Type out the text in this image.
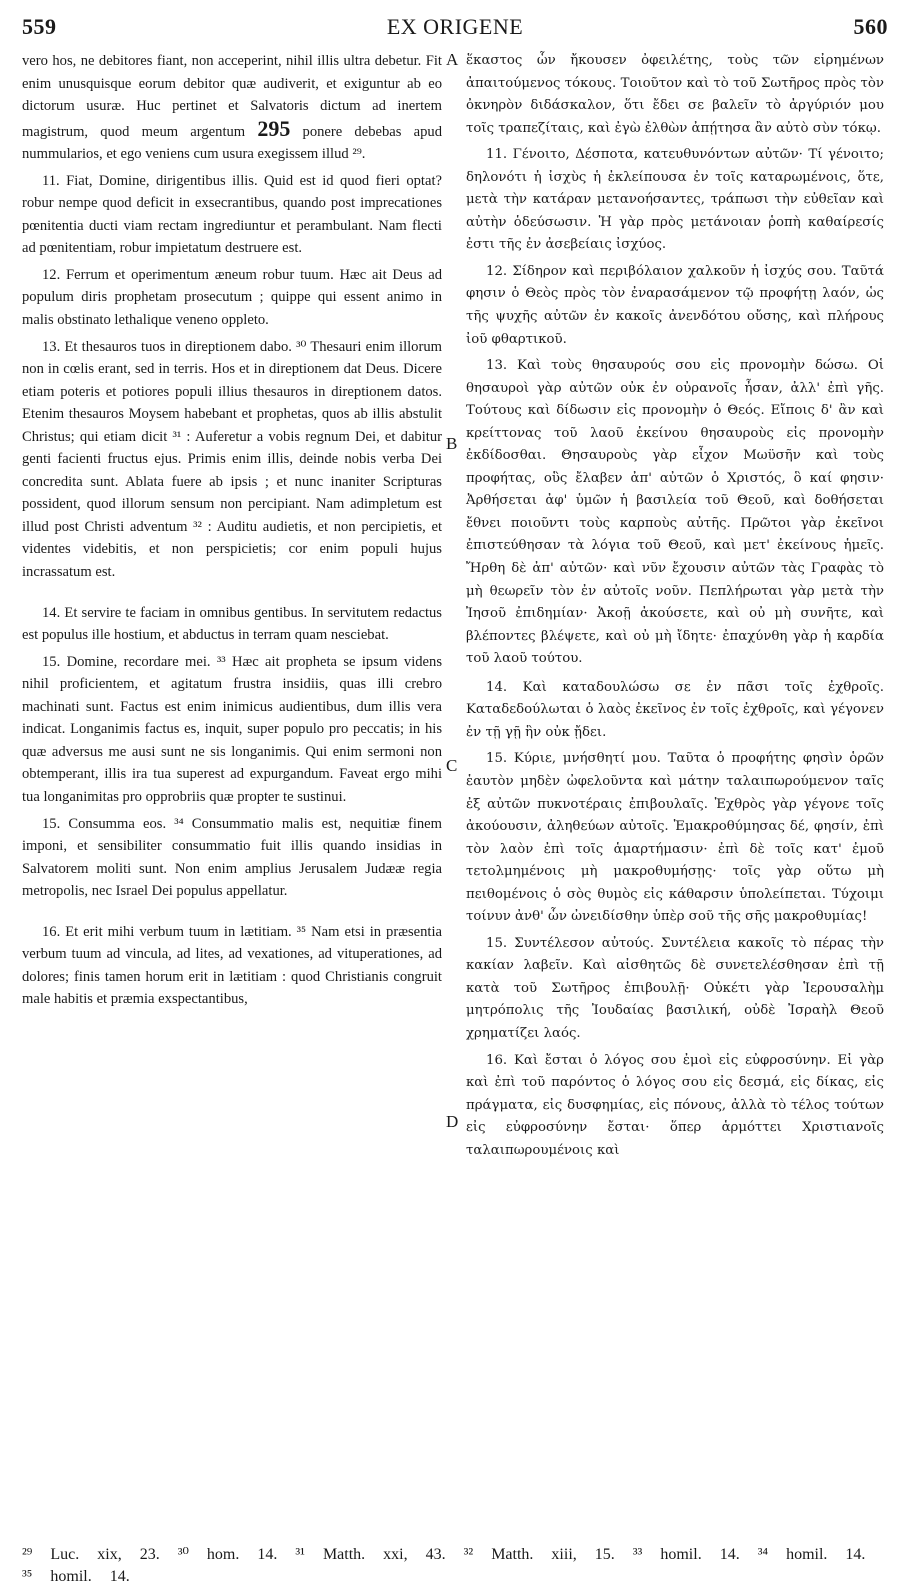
559	EX ORIGENE	560

vero hos, ne debitores fiant, non acceperint, nihil illis ultra debetur. Fit enim unusquisque eorum debitor quæ audiverit, et exiguntur ab eo dictorum usuræ. Huc pertinet et Salvatoris dictum ad inertem magistrum, quod meum argentum 295 ponere debebas apud nummularios, et ego veniens cum usura exegissem illud ²⁹.

11. Fiat, Domine, dirigentibus illis. Quid est id quod fieri optat? robur nempe quod deficit in exsecrantibus, quando post imprecationes pœnitentia ducti viam rectam ingrediuntur et perambulant. Nam flecti ad pœnitentiam, robur impietatum destruere est.

12. Ferrum et operimentum æneum robur tuum. Hæc ait Deus ad populum diris prophetam prosecutum ; quippe qui essent animo in malis obstinato lethalique veneno oppleto.

13. Et thesauros tuos in direptionem dabo. ³⁰ Thesauri enim illorum non in cœlis erant, sed in terris. Hos et in direptionem dat Deus. Dicere etiam poteris et potiores populi illius thesauros in direptionem datos. Etenim thesauros Moysem habebant et prophetas, quos ab illis abstulit Christus; qui etiam dicit ³¹ : Auferetur a vobis regnum Dei, et dabitur genti facienti fructus ejus. Primis enim illis, deinde nobis verba Dei concredita sunt. Ablata fuere ab ipsis ; et nunc inaniter Scripturas possident, quod illorum sensum non percipiant. Nam adimpletum est illud post Christi adventum ³² : Auditu audietis, et non percipietis, et videntes videbitis, et non perspicietis; cor enim populi hujus incrassatum est.

14. Et servire te faciam in omnibus gentibus. In servitutem redactus est populus ille hostium, et abductus in terram quam nesciebat.

15. Domine, recordare mei. ³³ Hæc ait propheta se ipsum videns nihil proficientem, et agitatum frustra insidiis, quas illi crebro machinati sunt. Factus est enim inimicus audientibus, dum illis vera indicat. Longanimis factus es, inquit, super populo pro peccatis; in his quæ adversus me ausi sunt ne sis longanimis. Qui enim sermoni non obtemperant, illis ira tua superest ad expurgandum. Faveat ergo mihi tua longanimitas pro opprobriis quæ propter te sustinui.

15. Consumma eos. ³⁴ Consummatio malis est, nequitiæ finem imponi, et sensibiliter consummatio fuit illis quando insidias in Salvatorem moliti sunt. Non enim amplius Jerusalem Judææ regia metropolis, nec Israel Dei populus appellatur.

16. Et erit mihi verbum tuum in lætitiam. ³⁵ Nam etsi in præsentia verbum tuum ad vincula, ad lites, ad vexationes, ad vituperationes, ad dolores; finis tamen horum erit in lætitiam : quod Christianis congruit male habitis et præmia exspectantibus,

ἕκαστος ὧν ἤκουσεν ὀφειλέτης, τοὺς τῶν εἰρημένων ἀπαιτούμενος τόκους. Τοιοῦτον καὶ τὸ τοῦ Σωτῆρος πρὸς τὸν ὀκνηρὸν διδάσκαλον, ὅτι ἔδει σε βαλεῖν τὸ ἀργύριόν μου τοῖς τραπεζίταις, καὶ ἐγὼ ἐλθὼν ἀπῄτησα ἂν αὐτὸ σὺν τόκῳ.

11. Γένοιτο, Δέσποτα, κατευθυνόντων αὐτῶν· Τί γένοιτο; δηλονότι ἡ ἰσχὺς ἡ ἐκλείπουσα ἐν τοῖς καταρωμένοις, ὅτε, μετὰ τὴν κατάραν μετανοήσαντες, τράπωσι τὴν εὐθεῖαν καὶ αὐτὴν ὁδεύσωσιν. Ἡ γὰρ πρὸς μετάνοιαν ῥοπὴ καθαίρεσίς ἐστι τῆς ἐν ἀσεβείαις ἰσχύος.

12. Σίδηρον καὶ περιβόλαιον χαλκοῦν ἡ ἰσχύς σου. Ταῦτά φησιν ὁ Θεὸς πρὸς τὸν ἐναρασάμενον τῷ προφήτῃ λαόν, ὡς τῆς ψυχῆς αὐτῶν ἐν κακοῖς ἀνενδότου οὔσης, καὶ πλήρους ἰοῦ φθαρτικοῦ.

13. Καὶ τοὺς θησαυρούς σου εἰς προνομὴν δώσω. Οἱ θησαυροὶ γὰρ αὐτῶν οὐκ ἐν οὐρανοῖς ἦσαν, ἀλλ' ἐπὶ γῆς. Τούτους καὶ δίδωσιν εἰς προνομὴν ὁ Θεός. Εἴποις δ' ἂν καὶ κρείττονας τοῦ λαοῦ ἐκείνου θησαυροὺς εἰς προνομὴν ἐκδίδοσθαι. Θησαυροὺς γὰρ εἶχον Μωϋσῆν καὶ τοὺς προφήτας, οὓς ἔλαβεν ἀπ' αὐτῶν ὁ Χριστός, ὃ καί φησιν· Ἀρθήσεται ἀφ' ὑμῶν ἡ βασιλεία τοῦ Θεοῦ, καὶ δοθήσεται ἔθνει ποιοῦντι τοὺς καρποὺς αὐτῆς. Πρῶτοι γὰρ ἐκεῖνοι ἐπιστεύθησαν τὰ λόγια τοῦ Θεοῦ, καὶ μετ' ἐκείνους ἡμεῖς. Ἤρθη δὲ ἀπ' αὐτῶν· καὶ νῦν ἔχουσιν αὐτῶν τὰς Γραφὰς τὸ μὴ θεωρεῖν τὸν ἐν αὐτοῖς νοῦν. Πεπλήρωται γὰρ μετὰ τὴν Ἰησοῦ ἐπιδημίαν· Ἀκοῇ ἀκούσετε, καὶ οὐ μὴ συνῆτε, καὶ βλέποντες βλέψετε, καὶ οὐ μὴ ἴδητε· ἐπαχύνθη γὰρ ἡ καρδία τοῦ λαοῦ τούτου.

14. Καὶ καταδουλώσω σε ἐν πᾶσι τοῖς ἐχθροῖς. Καταδεδούλωται ὁ λαὸς ἐκεῖνος ἐν τοῖς ἐχθροῖς, καὶ γέγονεν ἐν τῇ γῇ ἣν οὐκ ᾔδει.

15. Κύριε, μνήσθητί μου. Ταῦτα ὁ προφήτης φησὶν ὁρῶν ἑαυτὸν μηδὲν ὠφελοῦντα καὶ μάτην ταλαιπωρούμενον ταῖς ἐξ αὐτῶν πυκνοτέραις ἐπιβουλαῖς. Ἐχθρὸς γὰρ γέγονε τοῖς ἀκούουσιν, ἀληθεύων αὐτοῖς. Ἐμακροθύμησας δέ, φησίν, ἐπὶ τὸν λαὸν ἐπὶ τοῖς ἁμαρτήμασιν· ἐπὶ δὲ τοῖς κατ' ἐμοῦ τετολμημένοις μὴ μακροθυμήσῃς· τοῖς γὰρ οὕτω μὴ πειθομένοις ὁ σὸς θυμὸς εἰς κάθαρσιν ὑπολείπεται. Τύχοιμι τοίνυν ἀνθ' ὧν ὠνειδίσθην ὑπὲρ σοῦ τῆς σῆς μακροθυμίας!

15. Συντέλεσον αὐτούς. Συντέλεια κακοῖς τὸ πέρας τὴν κακίαν λαβεῖν. Καὶ αἰσθητῶς δὲ συνετελέσθησαν ἐπὶ τῇ κατὰ τοῦ Σωτῆρος ἐπιβουλῇ· Οὐκέτι γὰρ Ἱερουσαλὴμ μητρόπολις τῆς Ἰουδαίας βασιλική, οὐδὲ Ἰσραὴλ Θεοῦ χρηματίζει λαός.

16. Καὶ ἔσται ὁ λόγος σου ἐμοὶ εἰς εὐφροσύνην. Εἰ γὰρ καὶ ἐπὶ τοῦ παρόντος ὁ λόγος σου εἰς δεσμά, εἰς δίκας, εἰς πράγματα, εἰς δυσφημίας, εἰς πόνους, ἀλλὰ τὸ τέλος τούτων εἰς εὐφροσύνην ἔσται· ὅπερ ἁρμόττει Χριστιανοῖς ταλαιπωρουμένοις καὶ

A
B
C
D
²⁹ Luc. xix, 23. ³⁰ hom. 14. ³¹ Matth. xxi, 43. ³² Matth. xiii, 15. ³³ homil. 14. ³⁴ homil. 14. ³⁵ homil. 14.
